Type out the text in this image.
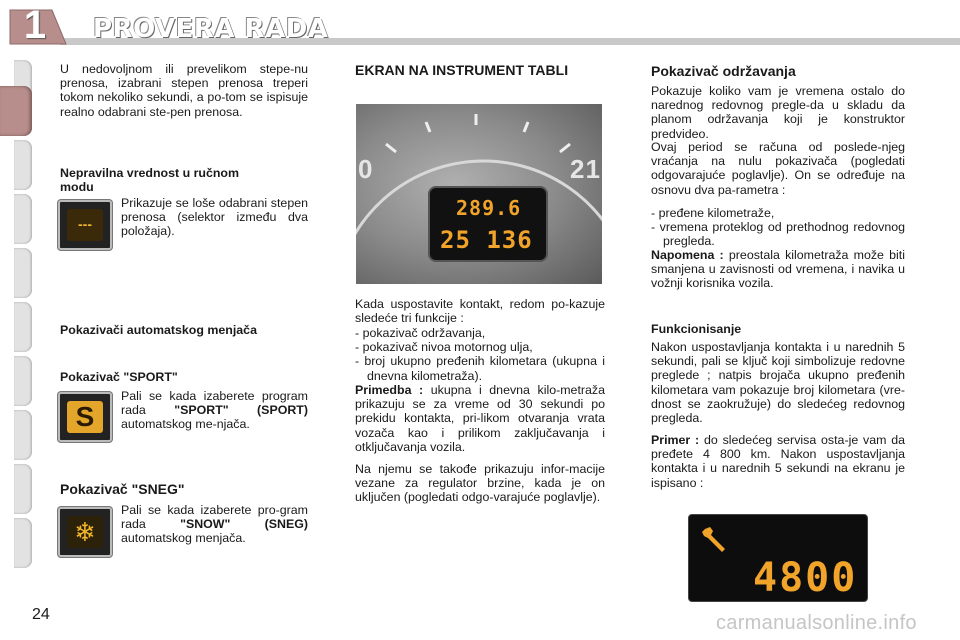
1	PROVERA RADA
U nedovoljnom ili prevelikom stepe-nu prenosa, izabrani stepen prenosa treperi tokom nekoliko sekundi, a po-tom se ispisuje realno odabrani ste-pen prenosa.
Nepravilna vrednost u ručnom
modu
---
Prikazuje se loše odabrani stepen prenosa (selektor između dva položaja).
Pokazivači automatskog menjača
Pokazivač "SPORT"
S
Pali se kada izaberete program rada "SPORT" (SPORT) automatskog me-njača.
Pokazivač "SNEG"
❄
Pali se kada izaberete pro-gram rada	"SNOW" (SNEG) automatskog menjača.
EKRAN NA INSTRUMENT TABLI
0	21
289.6
25 136
Kada uspostavite kontakt, redom po-kazuje sledeće tri funkcije :
- pokazivač održavanja,
- pokazivač nivoa motornog ulja,
- broj ukupno pređenih kilometara (ukupna i dnevna kilometraža).
Primedba : ukupna i dnevna kilo-metraža prikazuju se za vreme od 30 sekundi po prekidu kontakta, pri-likom otvaranja vrata vozača kao i prilikom zaključavanja i otključavanja vozila.
Na njemu se takođe prikazuju infor-macije vezane za regulator brzine, kada je on uključen (pogledati odgo-varajuće poglavlje).
Pokazivač održavanja
Pokazuje koliko vam je vremena ostalo do narednog redovnog pregle-da u skladu da planom održavanja koji je konstruktor predvideo.
Ovaj period se računa od poslede-njeg vraćanja na nulu pokazivača (pogledati odgovarajuće poglavlje). On se određuje na osnovu dva pa-rametra :
- pređene kilometraže,
- vremena proteklog od prethodnog redovnog pregleda.
Napomena : preostala kilometraža može biti smanjena u zavisnosti od vremena, i navika u vožnji korisnika vozila.
Funkcionisanje
Nakon uspostavljanja kontakta i u narednih 5 sekundi, pali se ključ koji simbolizuje redovne preglede ; natpis brojača ukupno pređenih kilometara vam pokazuje broj kilometara (vre-dnost se zaokružuje) do sledećeg redovnog pregleda.
Primer : do sledećeg servisa osta-je vam da pređete 4 800 km. Nakon uspostavljanja kontakta i u narednih 5 sekundi na ekranu je ispisano :
4800
24	carmanualsonline.info
